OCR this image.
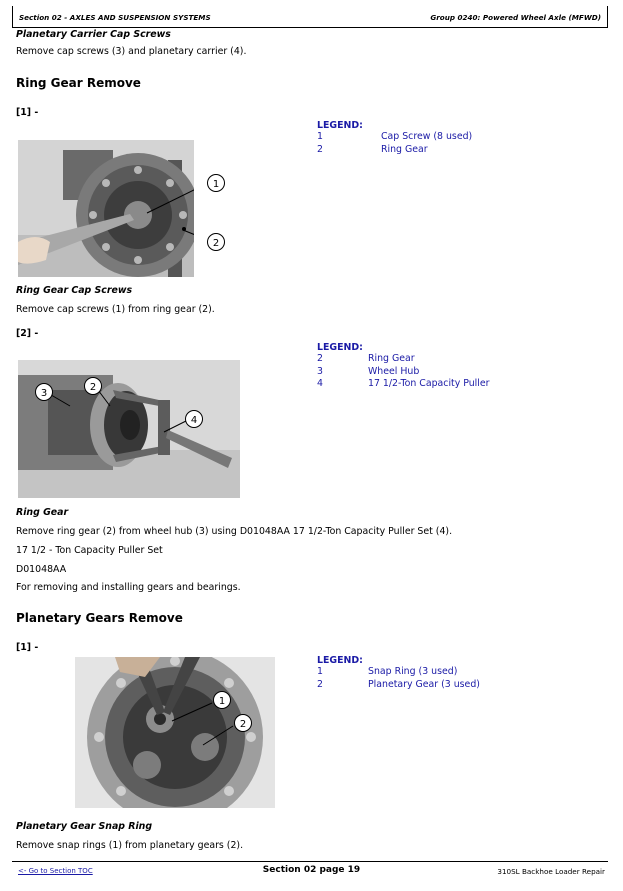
Section 02 - AXLES AND SUSPENSION SYSTEMS	Group 0240: Powered Wheel Axle (MFWD)
Planetary Carrier Cap Screws
Remove cap screws (3) and planetary carrier (4).
Ring Gear Remove
[1] -
1
2
LEGEND:
1	Cap Screw (8 used)
2	Ring Gear
Ring Gear Cap Screws
Remove cap screws (1) from ring gear (2).
[2] -
3
2
4
LEGEND:
2	Ring Gear
3	Wheel Hub
4	17 1/2-Ton Capacity Puller
Ring Gear
Remove ring gear (2) from wheel hub (3) using D01048AA 17 1/2-Ton Capacity Puller Set (4).
17 1/2 - Ton Capacity Puller Set
D01048AA
For removing and installing gears and bearings.
Planetary Gears Remove
[1] -
1
2
LEGEND:
1	Snap Ring (3 used)
2	Planetary Gear (3 used)
Planetary Gear Snap Ring
Remove snap rings (1) from planetary gears (2).
<- Go to Section TOC	Section 02 page 19	310SL Backhoe Loader Repair
